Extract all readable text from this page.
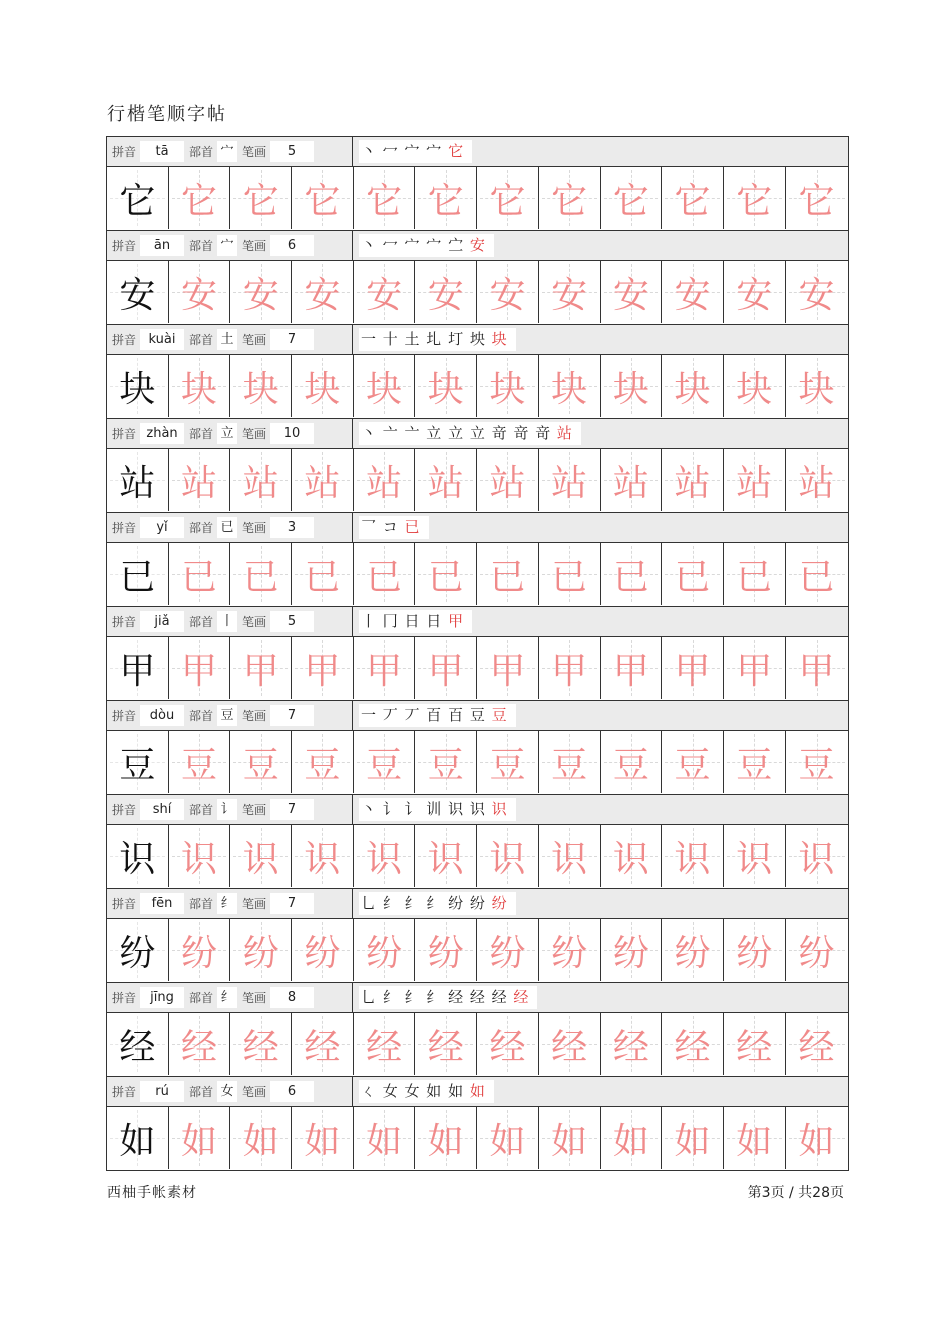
行楷笔顺字帖
拼音	tā	部首 宀 笔画	5	丶 冖 宀 宀 它
它 它 它 它 它 它 它 它 它 它 它 它
拼音	ān	部首 宀 笔画	6	丶 冖 宀 宀 㝉 安
安 安 安 安 安 安 安 安 安 安 安 安
拼音 kuài	部首 土 笔画	7	一 十 土 圠 圢 坱 块
块 块 块 块 块 块 块 块 块 块 块 块
拼音 zhàn 部首 立 笔画	10	丶 亠 亠 立 立 立 竒 竒 竒 站
站 站 站 站 站 站 站 站 站 站 站 站
拼音	yǐ	部首 已 笔画	3	乛 コ 已
已 已 已 已 已 已 已 已 已 已 已 已
拼音	jiǎ	部首 丨 笔画	5	丨 冂 日 日 甲
甲 甲 甲 甲 甲 甲 甲 甲 甲 甲 甲 甲
拼音	dòu	部首 豆 笔画	7	一 丆 丆 百 百 豆 豆
豆 豆 豆 豆 豆 豆 豆 豆 豆 豆 豆 豆
拼音	shí	部首 讠 笔画	7	丶 讠 讠 训 识 识 识
识 识 识 识 识 识 识 识 识 识 识 识
拼音	fēn	部首 纟 笔画	7	乚 纟 纟 纟 纷 纷 纷
纷 纷 纷 纷 纷 纷 纷 纷 纷 纷 纷 纷
拼音	jīng	部首 纟 笔画	8	乚 纟 纟 纟 经 经 经 经
经 经 经 经 经 经 经 经 经 经 经 经
拼音	rú	部首 女 笔画	6	ㄑ 女 女 如 如 如
如 如 如 如 如 如 如 如 如 如 如 如
西柚手帐素材	第3页 / 共28页
